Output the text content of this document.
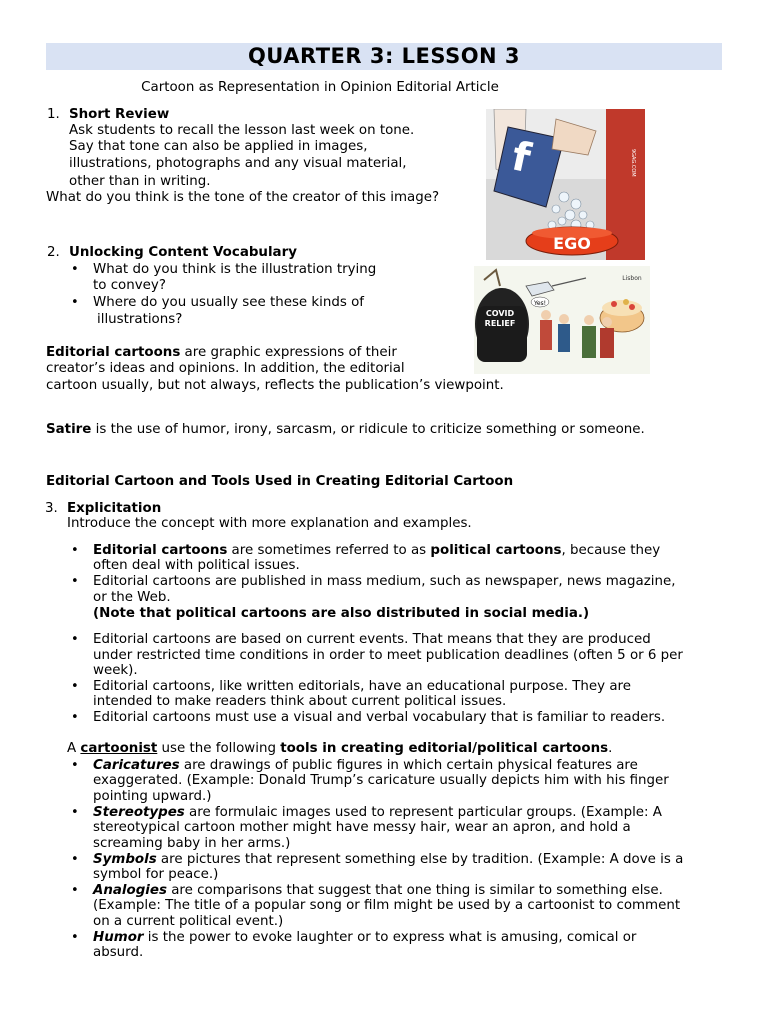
QUARTER 3: LESSON 3
Cartoon as Representation in Opinion Editorial Article
1. Short Review
Ask students to recall the lesson last week on tone.
Say that tone can also be applied in images,
illustrations, photographs and any visual material,
other than in writing.
What do you think is the tone of the creator of this image?
f
EGO
9GAG.COM
2. Unlocking Content Vocabulary
• What do you think is the illustration trying
to convey?
• Where do you usually see these kinds of
illustrations?	COVID
RELIEF
Yes!
Lisbon
Editorial cartoons are graphic expressions of their
creator’s ideas and opinions. In addition, the editorial
cartoon usually, but not always, reflects the publication’s viewpoint.
Satire is the use of humor, irony, sarcasm, or ridicule to criticize something or someone.
Editorial Cartoon and Tools Used in Creating Editorial Cartoon
3. Explicitation
Introduce the concept with more explanation and examples.
• Editorial cartoons are sometimes referred to as political cartoons, because they
often deal with political issues.
• Editorial cartoons are published in mass medium, such as newspaper, news magazine,
or the Web.
(Note that political cartoons are also distributed in social media.)
• Editorial cartoons are based on current events. That means that they are produced
under restricted time conditions in order to meet publication deadlines (often 5 or 6 per
week).
• Editorial cartoons, like written editorials, have an educational purpose. They are
intended to make readers think about current political issues.
• Editorial cartoons must use a visual and verbal vocabulary that is familiar to readers.
A cartoonist use the following tools in creating editorial/political cartoons.
• Caricatures are drawings of public figures in which certain physical features are
exaggerated. (Example: Donald Trump’s caricature usually depicts him with his finger
pointing upward.)
• Stereotypes are formulaic images used to represent particular groups. (Example: A
stereotypical cartoon mother might have messy hair, wear an apron, and hold a
screaming baby in her arms.)
• Symbols are pictures that represent something else by tradition. (Example: A dove is a
symbol for peace.)
• Analogies are comparisons that suggest that one thing is similar to something else.
(Example: The title of a popular song or film might be used by a cartoonist to comment
on a current political event.)
• Humor is the power to evoke laughter or to express what is amusing, comical or
absurd.
